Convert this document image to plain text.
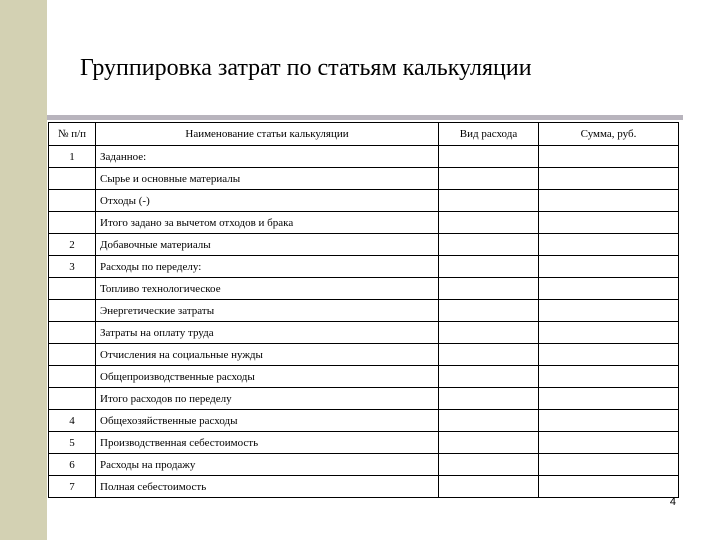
Группировка затрат по статьям калькуляции
№ п/п	Наименование статьи калькуляции	Вид расхода	Сумма, руб.
1	Заданное:		
	Сырье и основные материалы		
	Отходы (-)		
	Итого задано за вычетом отходов и брака		
2	Добавочные материалы		
3	Расходы по переделу:		
	Топливо технологическое		
	Энергетические затраты		
	Затраты на оплату труда		
	Отчисления на социальные нужды		
	Общепроизводственные расходы		
	Итого расходов по переделу		
4	Общехозяйственные расходы		
5	Производственная себестоимость		
6	Расходы на продажу		
7	Полная себестоимость		
4
